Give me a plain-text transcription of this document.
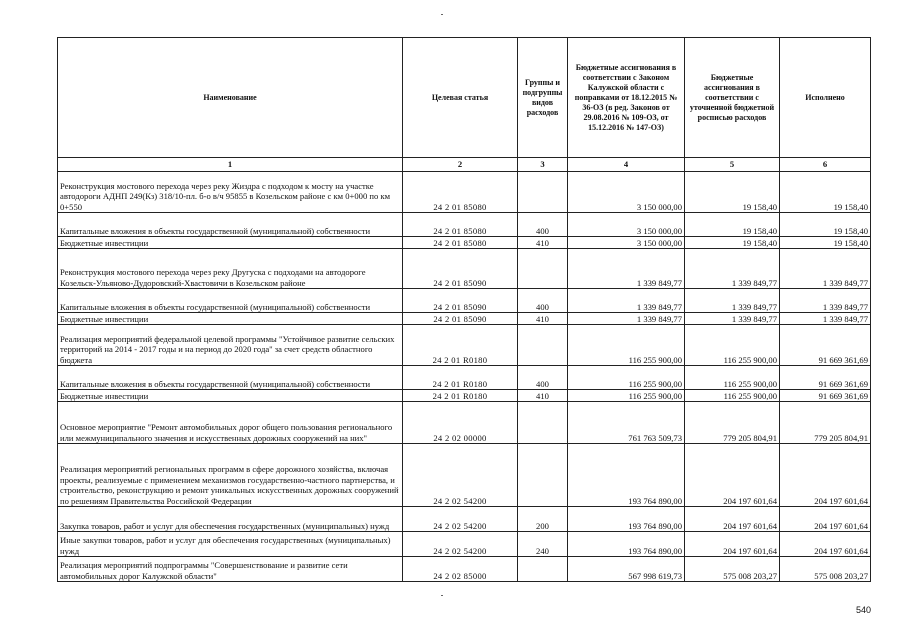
Наименование	Целевая статья	Группы и подгруппы видов расходов	Бюджетные ассигнования в соответствии с Законом Калужской области с поправками от 18.12.2015 № 36-ОЗ (в ред. Законов от 29.08.2016 № 109-ОЗ, от 15.12.2016 № 147-ОЗ)	Бюджетные ассигнования в соответствии с уточненной бюджетной росписью расходов	Исполнено
1	2	3	4	5	6
Реконструкция мостового перехода через реку Жиздра с подходом к мосту на участке автодороги АДНП 249(Кз) 318/10-пл. б-о в/ч 95855 в Козельском районе с км 0+000 по км 0+550	24 2 01 85080		3 150 000,00	19 158,40	19 158,40
Капитальные вложения в объекты государственной (муниципальной) собственности	24 2 01 85080	400	3 150 000,00	19 158,40	19 158,40
Бюджетные инвестиции	24 2 01 85080	410	3 150 000,00	19 158,40	19 158,40
Реконструкция мостового перехода через реку Другуска с подходами на автодороге Козельск-Ульяново-Дудоровский-Хвастовичи в Козельском районе	24 2 01 85090		1 339 849,77	1 339 849,77	1 339 849,77
Капитальные вложения в объекты государственной (муниципальной) собственности	24 2 01 85090	400	1 339 849,77	1 339 849,77	1 339 849,77
Бюджетные инвестиции	24 2 01 85090	410	1 339 849,77	1 339 849,77	1 339 849,77
Реализация мероприятий федеральной целевой программы "Устойчивое развитие сельских территорий на 2014 - 2017 годы и на период до 2020 года" за счет средств областного бюджета	24 2 01 R0180		116 255 900,00	116 255 900,00	91 669 361,69
Капитальные вложения в объекты государственной (муниципальной) собственности	24 2 01 R0180	400	116 255 900,00	116 255 900,00	91 669 361,69
Бюджетные инвестиции	24 2 01 R0180	410	116 255 900,00	116 255 900,00	91 669 361,69
Основное мероприятие "Ремонт автомобильных дорог общего пользования регионального или межмуниципального значения и искусственных дорожных сооружений на них"	24 2 02 00000		761 763 509,73	779 205 804,91	779 205 804,91
Реализация мероприятий региональных программ в сфере дорожного хозяйства, включая проекты, реализуемые с применением механизмов государственно-частного партнерства, и строительство, реконструкцию и ремонт уникальных искусственных дорожных сооружений по решениям Правительства Российской Федерации	24 2 02 54200		193 764 890,00	204 197 601,64	204 197 601,64
Закупка товаров, работ и услуг для обеспечения государственных (муниципальных) нужд	24 2 02 54200	200	193 764 890,00	204 197 601,64	204 197 601,64
Иные закупки товаров, работ и услуг для обеспечения государственных (муниципальных) нужд	24 2 02 54200	240	193 764 890,00	204 197 601,64	204 197 601,64
Реализация мероприятий подпрограммы "Совершенствование и развитие сети автомобильных дорог Калужской области"	24 2 02 85000		567 998 619,73	575 008 203,27	575 008 203,27
540
